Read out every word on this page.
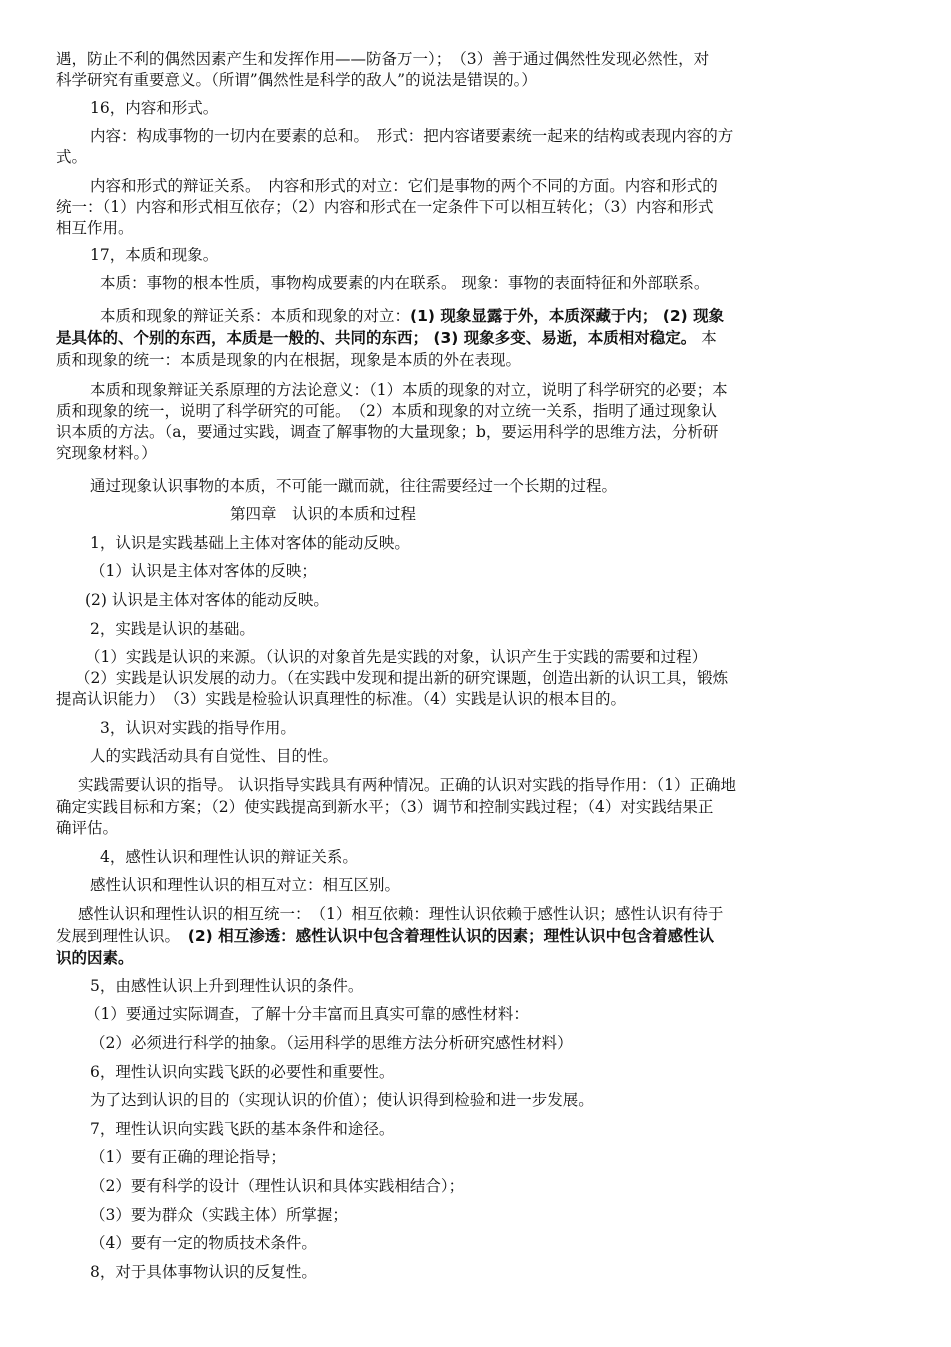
遇，防止不利的偶然因素产生和发挥作用——防备万一）；　（3）善于通过偶然性发现必然性，对
科学研究有重要意义。（所谓”偶然性是科学的敌人”的说法是错误的。）
16，内容和形式。
内容：构成事物的一切内在要素的总和。　形式：把内容诸要素统一起来的结构或表现内容的方
式。
内容和形式的辩证关系。　内容和形式的对立：它们是事物的两个不同的方面。内容和形式的
统一：（1）内容和形式相互依存；（2）内容和形式在一定条件下可以相互转化；（3）内容和形式
相互作用。
17，本质和现象。
本质：事物的根本性质，事物构成要素的内在联系。 现象：事物的表面特征和外部联系。
本质和现象的辩证关系：本质和现象的对立：(1) 现象显露于外，本质深藏于内； (2) 现象
是具体的、个别的东西，本质是一般的、共同的东西； (3) 现象多变、易逝，本质相对稳定。 本
质和现象的统一：本质是现象的内在根据，现象是本质的外在表现。
本质和现象辩证关系原理的方法论意义：（1）本质的现象的对立，说明了科学研究的必要；本
质和现象的统一，说明了科学研究的可能。　（2）本质和现象的对立统一关系，指明了通过现象认
识本质的方法。（a，要通过实践，调查了解事物的大量现象；b，要运用科学的思维方法，分析研
究现象材料。）
通过现象认识事物的本质，不可能一蹴而就，往往需要经过一个长期的过程。
第四章　认识的本质和过程
1，认识是实践基础上主体对客体的能动反映。
（1）认识是主体对客体的反映；
(2) 认识是主体对客体的能动反映。
2，实践是认识的基础。
（1）实践是认识的来源。（认识的对象首先是实践的对象，认识产生于实践的需要和过程）
（2）实践是认识发展的动力。（在实践中发现和提出新的研究课题，创造出新的认识工具，锻炼
提高认识能力）　（3）实践是检验认识真理性的标准。（4）实践是认识的根本目的。
3，认识对实践的指导作用。
人的实践活动具有自觉性、目的性。
实践需要认识的指导。 认识指导实践具有两种情况。正确的认识对实践的指导作用：（1）正确地
确定实践目标和方案；（2）使实践提高到新水平；（3）调节和控制实践过程；（4）对实践结果正
确评估。
4，感性认识和理性认识的辩证关系。
感性认识和理性认识的相互对立：相互区别。
感性认识和理性认识的相互统一：　（1）相互依赖：理性认识依赖于感性认识；感性认识有待于
发展到理性认识。　(2) 相互渗透：感性认识中包含着理性认识的因素；理性认识中包含着感性认
识的因素。
5，由感性认识上升到理性认识的条件。
（1）要通过实际调查，了解十分丰富而且真实可靠的感性材料：
（2）必须进行科学的抽象。（运用科学的思维方法分析研究感性材料）
6，理性认识向实践飞跃的必要性和重要性。
为了达到认识的目的（实现认识的价值）；使认识得到检验和进一步发展。
7，理性认识向实践飞跃的基本条件和途径。
（1）要有正确的理论指导；
（2）要有科学的设计（理性认识和具体实践相结合）；
（3）要为群众（实践主体）所掌握；
（4）要有一定的物质技术条件。
8，对于具体事物认识的反复性。
